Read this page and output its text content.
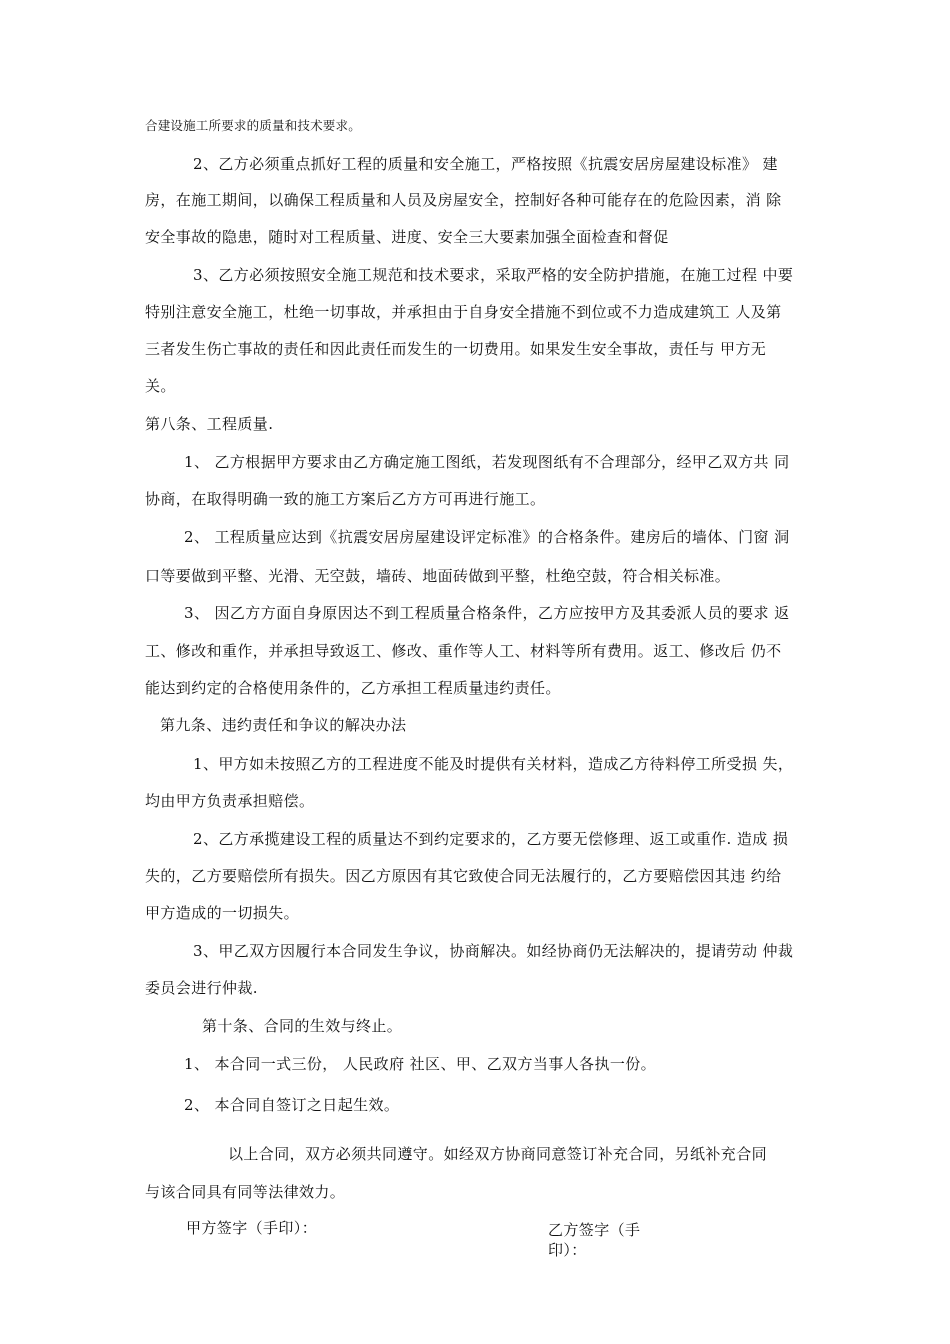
合建设施工所要求的质量和技术要求。
2、乙方必须重点抓好工程的质量和安全施工，严格按照《抗震安居房屋建设标准》 建
房，在施工期间，以确保工程质量和人员及房屋安全，控制好各种可能存在的危险因素，消 除
安全事故的隐患，随时对工程质量、进度、安全三大要素加强全面检查和督促
3、乙方必须按照安全施工规范和技术要求，采取严格的安全防护措施，在施工过程 中要
特别注意安全施工，杜绝一切事故，并承担由于自身安全措施不到位或不力造成建筑工 人及第
三者发生伤亡事故的责任和因此责任而发生的一切费用。如果发生安全事故，责任与 甲方无
关。
第八条、工程质量.
1、 乙方根据甲方要求由乙方确定施工图纸，若发现图纸有不合理部分，经甲乙双方共 同
协商，在取得明确一致的施工方案后乙方方可再进行施工。
2、 工程质量应达到《抗震安居房屋建设评定标准》的合格条件。建房后的墙体、门窗 洞
口等要做到平整、光滑、无空鼓，墙砖、地面砖做到平整，杜绝空鼓，符合相关标准。
3、 因乙方方面自身原因达不到工程质量合格条件，乙方应按甲方及其委派人员的要求 返
工、修改和重作，并承担导致返工、修改、重作等人工、材料等所有费用。返工、修改后 仍不
能达到约定的合格使用条件的，乙方承担工程质量违约责任。
第九条、违约责任和争议的解决办法
1、甲方如未按照乙方的工程进度不能及时提供有关材料，造成乙方待料停工所受损 失，
均由甲方负责承担赔偿。
2、乙方承揽建设工程的质量达不到约定要求的，乙方要无偿修理、返工或重作. 造成 损
失的，乙方要赔偿所有损失。因乙方原因有其它致使合同无法履行的，乙方要赔偿因其违 约给
甲方造成的一切损失。
3、甲乙双方因履行本合同发生争议，协商解决。如经协商仍无法解决的，提请劳动 仲裁
委员会进行仲裁.
第十条、合同的生效与终止。
1、 本合同一式三份， 人民政府 社区、甲、乙双方当事人各执一份。
2、 本合同自签订之日起生效。
以上合同，双方必须共同遵守。如经双方协商同意签订补充合同，另纸补充合同
与该合同具有同等法律效力。
甲方签字（手印）：	乙方签字（手印）：
